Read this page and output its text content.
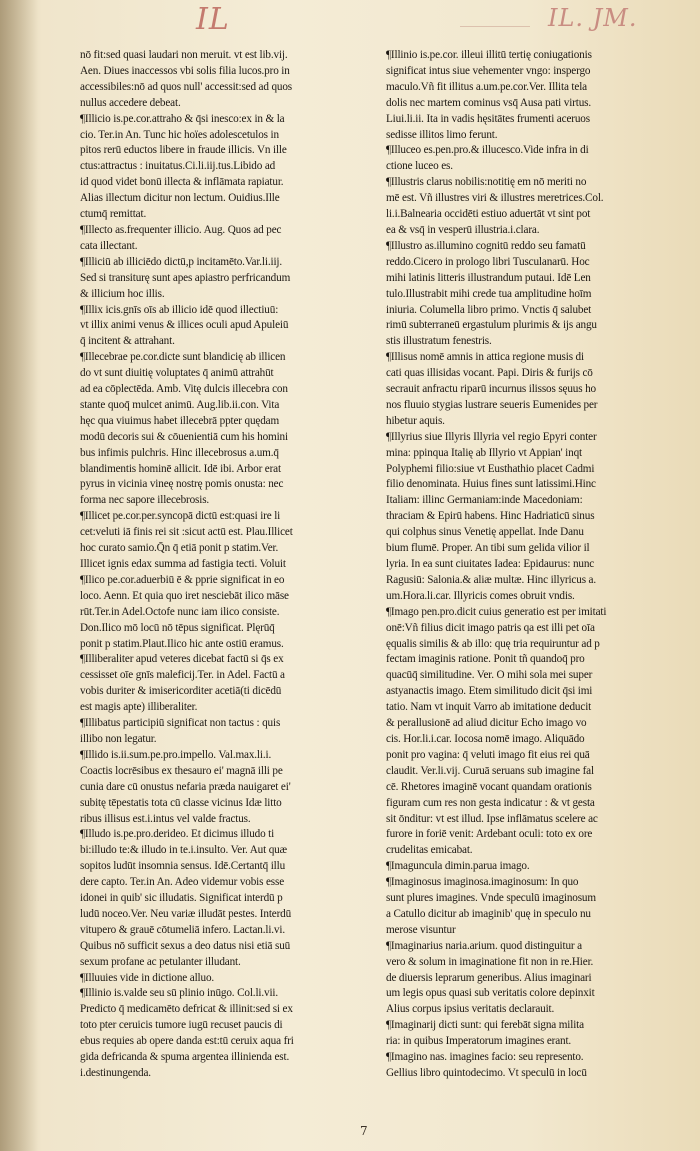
IL	IL. JM.
nō fit:sed quasi laudari non meruit. vt est lib.vij.
Aen. Diues inaccessos vbi solis filia lucos.pro in
accessibiles:nō ad quos null' accessit:sed ad quos
nullus accedere debeat.
¶Illicio is.pe.cor.attraho & q̄si inesco:ex in & la
cio. Ter.in An. Tunc hic hoïes adolescetulos in
pitos rerū eductos libere in fraude illicis. Vn ille
ctus:attractus : inuitatus.Ci.li.iij.tus.Libido ad
id quod videt bonū illecta & inflāmata rapiatur.
Alias illectum dicitur non lectum. Ouidius.Ille
ctumq̄ remittat.
¶Illecto as.frequenter illicio. Aug. Quos ad pec
cata illectant.
¶Illiciū ab illiciēdo dictū,p incitamēto.Var.li.iij.
Sed si transiturę sunt apes apiastro perfricandum
& illicium hoc illis.
¶Illix icis.gnīs oīs ab illicio idē quod illectiuū:
vt illix animi venus & illices oculi apud Apuleiū
q̄ incitent & attrahant.
¶Illecebrae pe.cor.dicte sunt blandicię ab illicen
do vt sunt diuitię voluptates q̄ animū attrahūt
ad ea cōplectēda. Amb. Vitę dulcis illecebra con
stante quoq̄ mulcet animū. Aug.lib.ii.con. Vita
hęc qua viuimus habet illecebrā ppter quędam
modū decoris sui & cōuenientiā cum his homini
bus infimis pulchris. Hinc illecebrosus a.um.q̄
blandimentis hominē allicit. Idē ibi. Arbor erat
pyrus in vicinia vineę nostrę pomis onusta: nec
forma nec sapore illecebrosis.
¶Illicet pe.cor.per.syncopā dictū est:quasi ire li
cet:veluti iā finis rei sit :sicut actū est. Plau.Illicet
hoc curato samio.Q̄n q̄ etiā ponit p statim.Ver.
Illicet ignis edax summa ad fastigia tecti. Voluit
¶Ilico pe.cor.aduerbiū ē & pprie significat in eo
loco. Aenn. Et quia quo iret nesciebāt ilico māse
rūt.Ter.in Adel.Octofe nunc iam ilico consiste.
Don.Ilico mō locū nō tēpus significat. Plęrūq̄
ponit p statim.Plaut.Ilico hic ante ostiū eramus.
¶Illiberaliter apud veteres dicebat factū si q̄s ex
cessisset oīe gnīs maleficij.Ter. in Adel. Factū a
vobis duriter & imisericorditer acetiā(ti dicēdū
est magis apte) illiberaliter.
¶Illibatus participiū significat non tactus : quis
illibo non legatur.
¶Illido is.ii.sum.pe.pro.impello. Val.max.li.i.
Coactis locrēsibus ex thesauro ei' magnā illi pe
cunia dare cū onustus nefaria præda nauigaret ei'
subitę tēpestatis tota cū classe vicinus Idæ litto
ribus illisus est.i.intus vel valde fractus.
¶Illudo is.pe.pro.derideo. Et dicimus illudo ti
bi:illudo te:& illudo in te.i.insulto. Ver. Aut quæ
sopitos ludūt insomnia sensus. Idē.Certantq̄ illu
dere capto. Ter.in An. Adeo videmur vobis esse
idonei in quib' sic illudatis. Significat interdū p
ludū noceo.Ver. Neu variæ illudāt pestes. Interdū
vitupero & grauē cōtumeliā infero. Lactan.li.vi.
Quibus nō sufficit sexus a deo datus nisi etiā suū
sexum profane ac petulanter illudant.
¶Illuuies vide in dictione alluo.
¶Illinio is.valde seu sū plinio inūgo. Col.li.vii.
Predicto q̄ medicamēto defricat & illinit:sed si ex
toto pter ceruicis tumore iugū recuset paucis di
ebus requies ab opere danda est:tū ceruix aqua fri
gida defricanda & spuma argentea illinienda est.
i.destinungenda.
¶Illinio is.pe.cor. illeui illitū tertię coniugationis
significat intus siue vehementer vngo: inspergo
maculo.Vñ fit illitus a.um.pe.cor.Ver. Illita tela
dolis nec martem cominus vsq̄ Ausa pati virtus.
Liui.li.ii. Ita in vadis hęsitātes frumenti aceruos
sedisse illitos limo ferunt.
¶Illuceo es.pen.pro.& illucesco.Vide infra in di
ctione luceo es.
¶Illustris clarus nobilis:notitię em nō meriti no
mē est. Vñ illustres viri & illustres meretrices.Col.
li.i.Balnearia occidēti estiuo aduertāt vt sint pot
ea & vsq̄ in vesperū illustria.i.clara.
¶Illustro as.illumino cognitū reddo seu famatū
reddo.Cicero in prologo libri Tusculanarū. Hoc
mihi latinis litteris illustrandum putaui. Idē Len
tulo.Illustrabit mihi crede tua amplitudine hoīm
iniuria. Columella libro primo. Vnctis q̄ salubet
rimū subterraneū ergastulum plurimis & ijs angu
stis illustratum fenestris.
¶Illisus nomē amnis in attica regione musis di
cati quas illisidas vocant. Papi. Diris & furijs cō
secrauit anfractu riparū incurnus ilissos sęuus ho
nos fluuio stygias lustrare seueris Eumenides per
hibetur aquis.
¶Illyrius siue Illyris Illyria vel regio Epyri conter
mina: ppinqua Italię ab Illyrio vt Appian' inqt
Polyphemi filio:siue vt Eusthathio placet Cadmi
filio denominata. Huius fines sunt latissimi.Hinc
Italiam: illinc Germaniam:inde Macedoniam:
thraciam & Epirū habens. Hinc Hadriaticū sinus
qui colphus sinus Venetię appellat. Inde Danu
bium flumē. Proper. An tibi sum gelida vilior il
lyria. In ea sunt ciuitates Iadea: Epidaurus: nunc
Ragusiū: Salonia.& aliæ multæ. Hinc illyricus a.
um.Hora.li.car. Illyricis comes obruit vndis.
¶Imago pen.pro.dicit cuius generatio est per imitati
onē:Vñ filius dicit imago patris qa est illi pet oīa
ęqualis similis & ab illo: quę tria requiruntur ad p
fectam imaginis ratione. Ponit tñ quandoq̄ pro
quacūq̄ similitudine. Ver. O mihi sola mei super
astyanactis imago. Etem similitudo dicit q̄si imi
tatio. Nam vt inquit Varro ab imitatione deducit
& perallusionē ad aliud dicitur Echo imago vo
cis. Hor.li.i.car. Iocosa nomē imago. Aliquādo
ponit pro vagina: q̄ veluti imago fit eius rei quā
claudit. Ver.li.vij. Curuā seruans sub imagine fal
cē. Rhetores imaginē vocant quandam orationis
figuram cum res non gesta indicatur : & vt gesta
sit ōnditur: vt est illud. Ipse inflāmatus scelere ac
furore in foriē venit: Ardebant oculi: toto ex ore
crudelitas emicabat.
¶Imaguncula dimin.parua imago.
¶Imaginosus imaginosa.imaginosum: In quo
sunt plures imagines. Vnde speculū imaginosum
a Catullo dicitur ab imaginib' quę in speculo nu
merose visuntur
¶Imaginarius naria.arium. quod distinguitur a
vero & solum in imaginatione fit non in re.Hier.
de diuersis leprarum generibus. Alius imaginari
um legis opus quasi sub veritatis colore depinxit
Alius corpus ipsius veritatis declarauit.
¶Imaginarij dicti sunt: qui ferebāt signa milita
ria: in quibus Imperatorum imagines erant.
¶Imagino nas. imagines facio: seu represento.
Gellius libro quintodecimo. Vt speculū in locū
7
